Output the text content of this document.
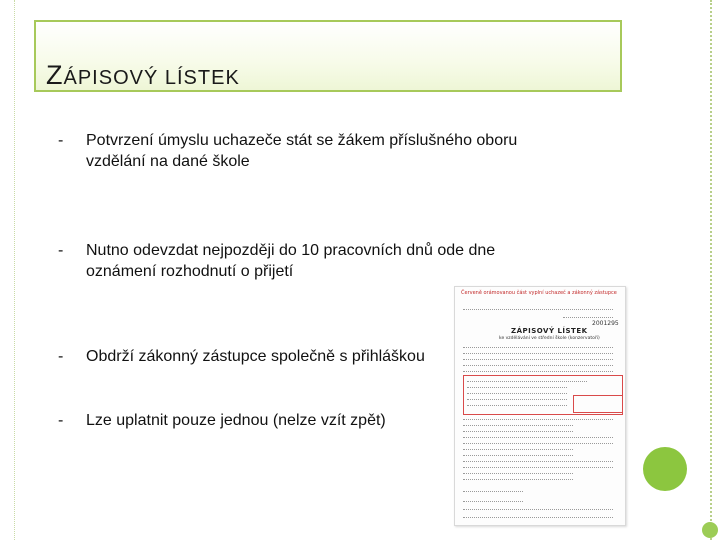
ZÁPISOVÝ LÍSTEK
- Potvrzení úmyslu uchazeče stát se žákem příslušného oboru vzdělání na dané škole
- Nutno odevzdat nejpozději do 10 pracovních dnů ode dne oznámení rozhodnutí o přijetí
- Obdrží zákonný zástupce společně s přihláškou
- Lze uplatnit pouze jednou (nelze vzít zpět)
Červeně orámovanou část vyplní uchazeč a zákonný zástupce
2001295
ZÁPISOVÝ LÍSTEK
ke vzdělávání ve střední škole (konzervatoři)
